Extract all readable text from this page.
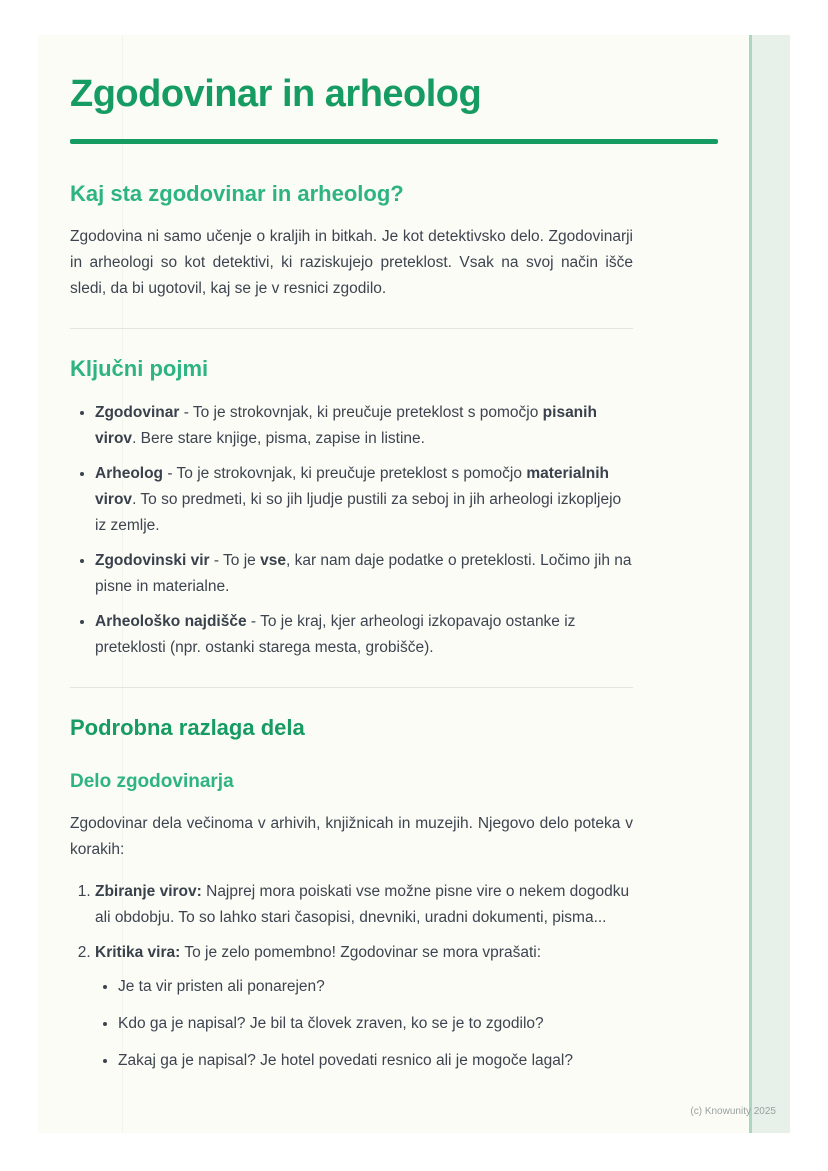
Zgodovinar in arheolog
Kaj sta zgodovinar in arheolog?

Zgodovina ni samo učenje o kraljih in bitkah. Je kot detektivsko delo. Zgodovinarji in arheologi so kot detektivi, ki raziskujejo preteklost. Vsak na svoj način išče sledi, da bi ugotovil, kaj se je v resnici zgodilo.

Ključni pojmi
• Zgodovinar - To je strokovnjak, ki preučuje preteklost s pomočjo pisanih virov. Bere stare knjige, pisma, zapise in listine.
• Arheolog - To je strokovnjak, ki preučuje preteklost s pomočjo materialnih virov. To so predmeti, ki so jih ljudje pustili za seboj in jih arheologi izkopljejo iz zemlje.
• Zgodovinski vir - To je vse, kar nam daje podatke o preteklosti. Ločimo jih na pisne in materialne.
• Arheološko najdišče - To je kraj, kjer arheologi izkopavajo ostanke iz preteklosti (npr. ostanki starega mesta, grobišče).
Podrobna razlaga dela
Delo zgodovinarja

Zgodovinar dela večinoma v arhivih, knjižnicah in muzejih. Njegovo delo poteka v korakih:

1. Zbiranje virov: Najprej mora poiskati vse možne pisne vire o nekem dogodku ali obdobju. To so lahko stari časopisi, dnevniki, uradni dokumenti, pisma...
2. Kritika vira: To je zelo pomembno! Zgodovinar se mora vprašati:
• Je ta vir pristen ali ponarejen?
• Kdo ga je napisal? Je bil ta človek zraven, ko se je to zgodilo?
• Zakaj ga je napisal? Je hotel povedati resnico ali je mogoče lagal?
(c) Knowunity 2025
